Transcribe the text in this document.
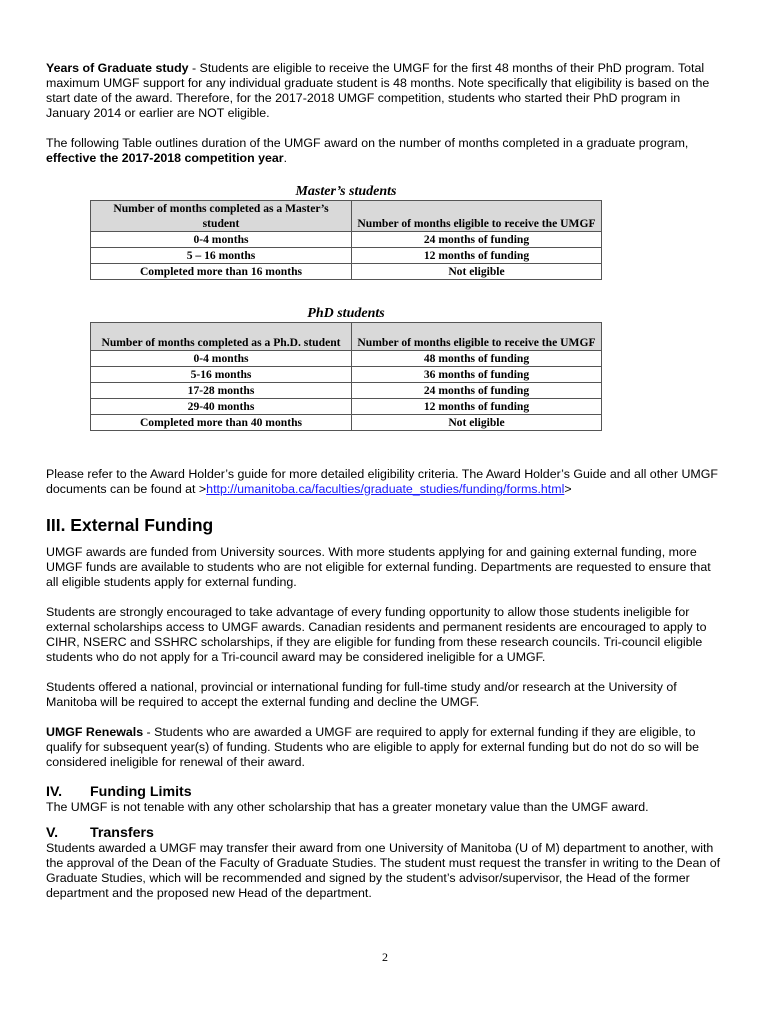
Years of Graduate study - Students are eligible to receive the UMGF for the first 48 months of their PhD program. Total maximum UMGF support for any individual graduate student is 48 months. Note specifically that eligibility is based on the start date of the award. Therefore, for the 2017-2018 UMGF competition, students who started their PhD program in January 2014 or earlier are NOT eligible.

The following Table outlines duration of the UMGF award on the number of months completed in a graduate program, effective the 2017-2018 competition year.

Master’s students
Number of months completed as a Master’s student	Number of months eligible to receive the UMGF
0-4 months	24 months of funding
5 – 16 months	12 months of funding
Completed more than 16 months	Not eligible
PhD students
Number of months completed as a Ph.D. student	Number of months eligible to receive the UMGF
0-4 months	48 months of funding
5-16 months	36 months of funding
17-28 months	24 months of funding
29-40 months	12 months of funding
Completed more than 40 months	Not eligible

Please refer to the Award Holder’s guide for more detailed eligibility criteria. The Award Holder’s Guide and all other UMGF documents can be found at >http://umanitoba.ca/faculties/graduate_studies/funding/forms.html>

III. External Funding

UMGF awards are funded from University sources. With more students applying for and gaining external funding, more UMGF funds are available to students who are not eligible for external funding. Departments are requested to ensure that all eligible students apply for external funding.

Students are strongly encouraged to take advantage of every funding opportunity to allow those students ineligible for external scholarships access to UMGF awards. Canadian residents and permanent residents are encouraged to apply to CIHR, NSERC and SSHRC scholarships, if they are eligible for funding from these research councils. Tri-council eligible students who do not apply for a Tri-council award may be considered ineligible for a UMGF.

Students offered a national, provincial or international funding for full-time study and/or research at the University of Manitoba will be required to accept the external funding and decline the UMGF.

UMGF Renewals - Students who are awarded a UMGF are required to apply for external funding if they are eligible, to qualify for subsequent year(s) of funding. Students who are eligible to apply for external funding but do not do so will be considered ineligible for renewal of their award.

IV. Funding Limits

The UMGF is not tenable with any other scholarship that has a greater monetary value than the UMGF award.

V. Transfers

Students awarded a UMGF may transfer their award from one University of Manitoba (U of M) department to another, with the approval of the Dean of the Faculty of Graduate Studies. The student must request the transfer in writing to the Dean of Graduate Studies, which will be recommended and signed by the student’s advisor/supervisor, the Head of the former department and the proposed new Head of the department.

2
